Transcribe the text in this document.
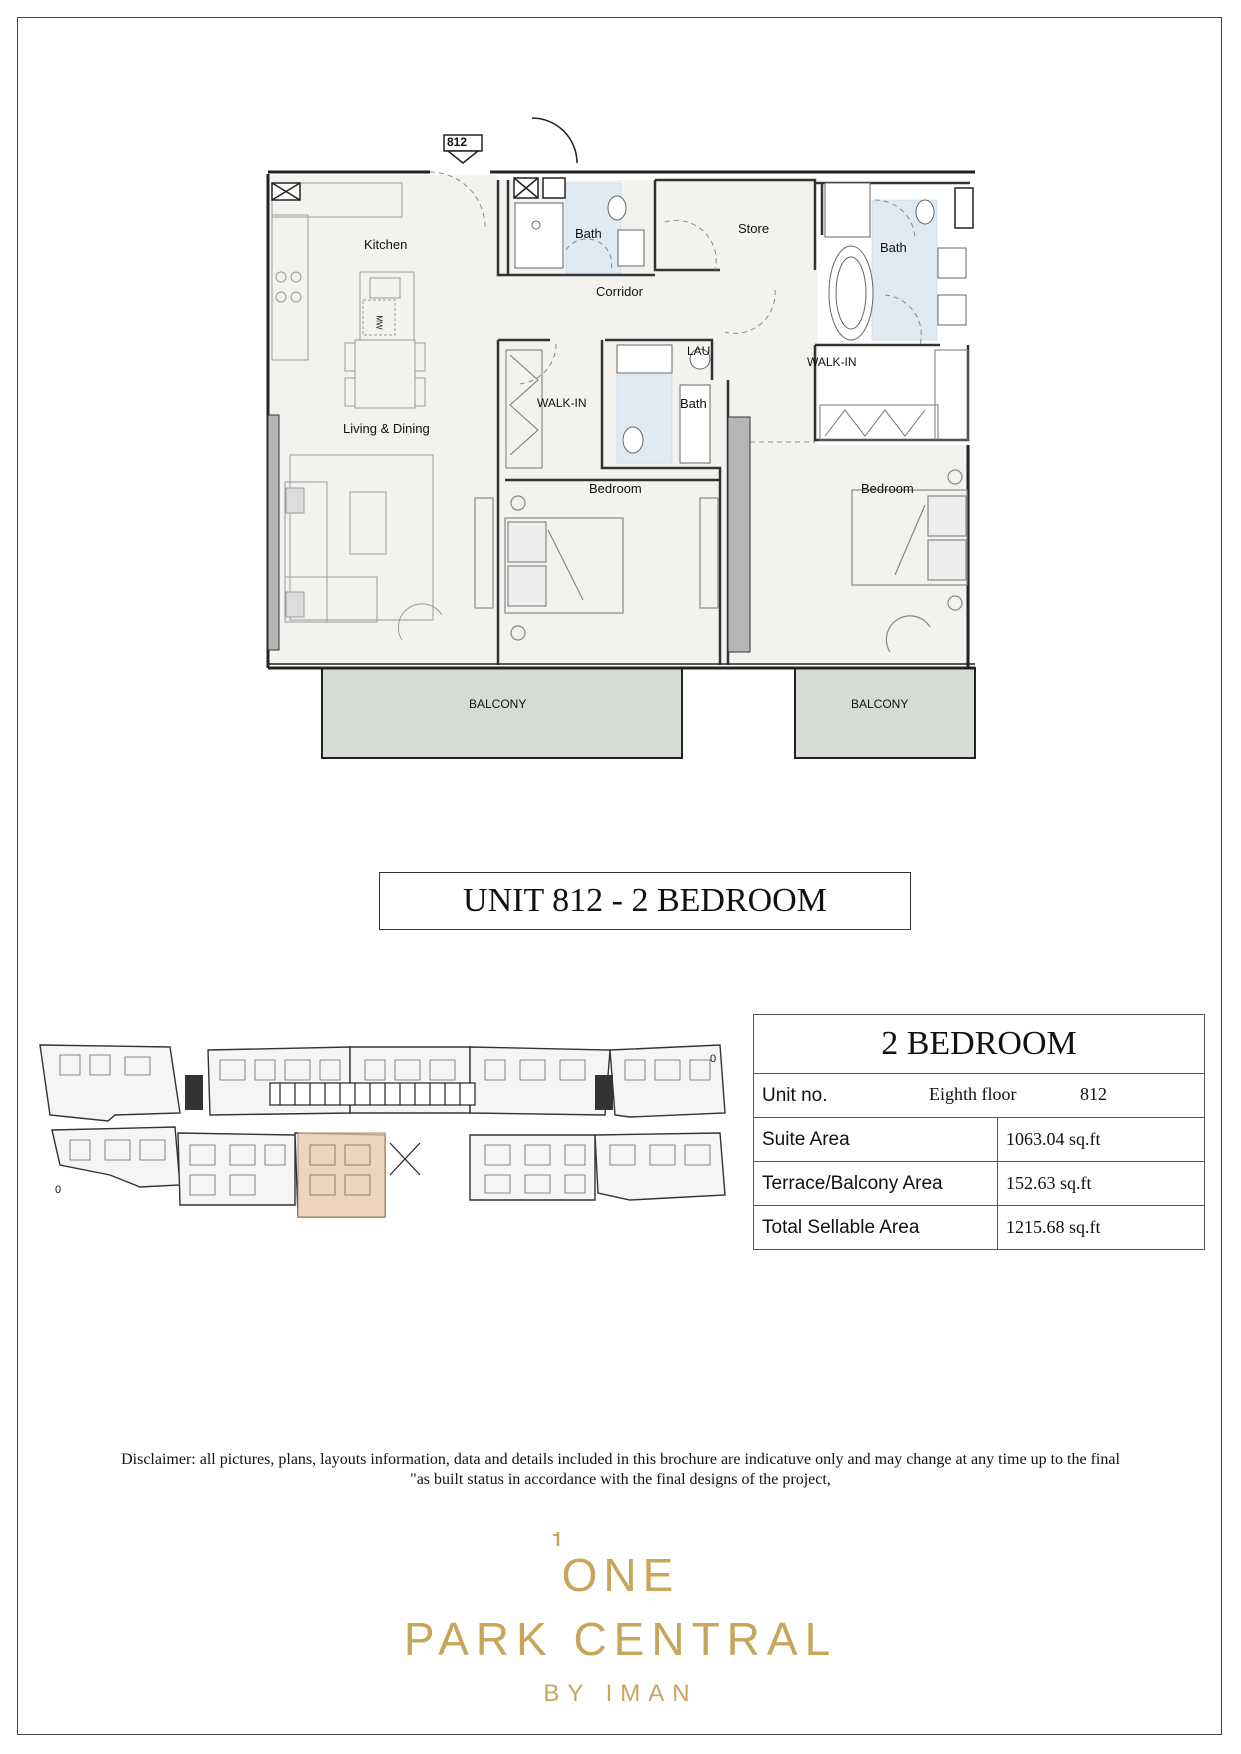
812
Kitchen
Bath	Store
Bath
Corridor
MW
LAU.
WALK-IN
WALK-IN	Bath
Living & Dining
Bedroom	Bedroom
BALCONY	BALCONY
UNIT 812 - 2 BEDROOM
0
0
2 BEDROOM	
Unit no. Eighth floor 812	

Suite Area	1063.04 sq.ft
Terrace/Balcony Area	152.63 sq.ft
Total Sellable Area	1215.68 sq.ft
Disclaimer: all pictures, plans, layouts information, data and details included in this brochure are indicatuve only and may change at any time up to the final
"as built status in accordance with the final designs of the project,
ONE
PARK CENTRAL
BY IMAN
